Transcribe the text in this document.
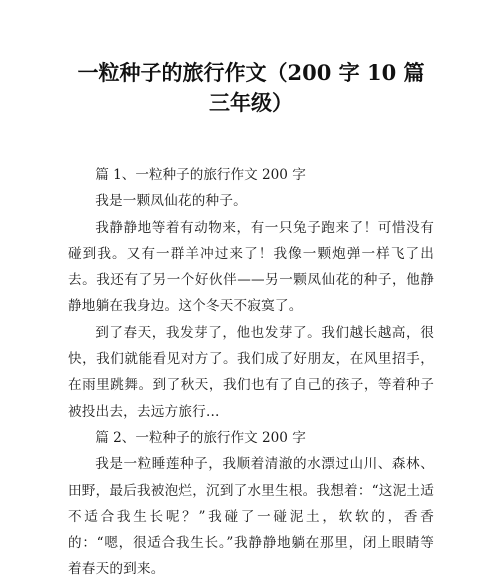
一粒种子的旅行作文（200 字 10 篇三年级）

篇 1、一粒种子的旅行作文 200 字

我是一颗凤仙花的种子。

我静静地等着有动物来，有一只兔子跑来了！可惜没有碰到我。又有一群羊冲过来了！我像一颗炮弹一样飞了出去。我还有了另一个好伙伴——另一颗凤仙花的种子，他静静地躺在我身边。这个冬天不寂寞了。

到了春天，我发芽了，他也发芽了。我们越长越高，很快，我们就能看见对方了。我们成了好朋友，在风里招手，在雨里跳舞。到了秋天，我们也有了自己的孩子，等着种子被投出去，去远方旅行…

篇 2、一粒种子的旅行作文 200 字

我是一粒睡莲种子，我顺着清澈的水漂过山川、森林、田野，最后我被泡烂，沉到了水里生根。我想着：“这泥土适不适合我生长呢？”我碰了一碰泥土，软软的，香香的：“嗯，很适合我生长。”我静静地躺在那里，闭上眼睛等着春天的到来。
